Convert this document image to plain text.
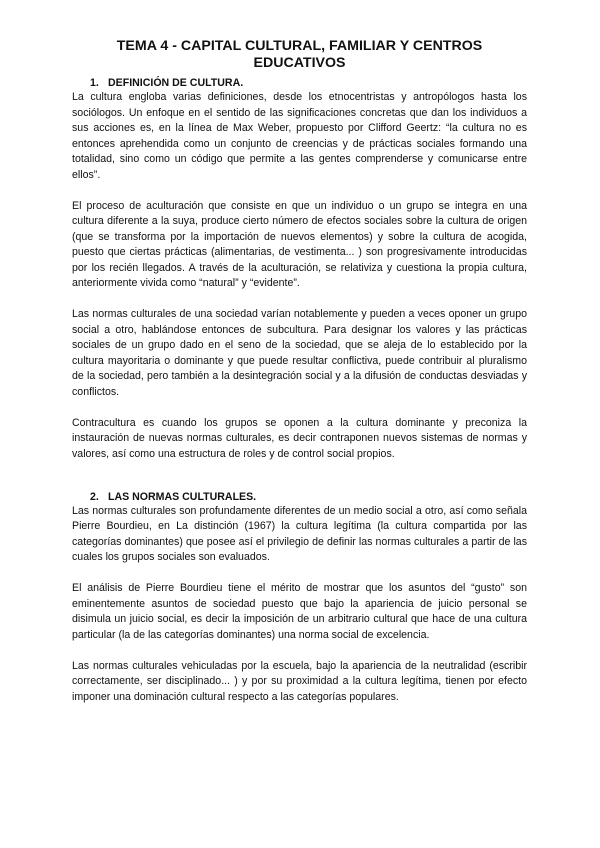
TEMA 4 - CAPITAL CULTURAL, FAMILIAR Y CENTROS EDUCATIVOS
1. DEFINICIÓN DE CULTURA.

La cultura engloba varias definiciones, desde los etnocentristas y antropólogos hasta los sociólogos. Un enfoque en el sentido de las significaciones concretas que dan los individuos a sus acciones es, en la línea de Max Weber, propuesto por Clifford Geertz: “la cultura no es entonces aprehendida como un conjunto de creencias y de prácticas sociales formando una totalidad, sino como un código que permite a las gentes comprenderse y comunicarse entre ellos”.

El proceso de aculturación que consiste en que un individuo o un grupo se integra en una cultura diferente a la suya, produce cierto número de efectos sociales sobre la cultura de origen (que se transforma por la importación de nuevos elementos) y sobre la cultura de acogida, puesto que ciertas prácticas (alimentarias, de vestimenta... ) son progresivamente introducidas por los recién llegados. A través de la aculturación, se relativiza y cuestiona la propia cultura, anteriormente vivida como “natural” y “evidente”.

Las normas culturales de una sociedad varían notablemente y pueden a veces oponer un grupo social a otro, hablándose entonces de subcultura. Para designar los valores y las prácticas sociales de un grupo dado en el seno de la sociedad, que se aleja de lo establecido por la cultura mayoritaria o dominante y que puede resultar conflictiva, puede contribuir al pluralismo de la sociedad, pero también a la desintegración social y a la difusión de conductas desviadas y conflictos.

Contracultura es cuando los grupos se oponen a la cultura dominante y preconiza la instauración de nuevas normas culturales, es decir contraponen nuevos sistemas de normas y valores, así como una estructura de roles y de control social propios.

2. LAS NORMAS CULTURALES.

Las normas culturales son profundamente diferentes de un medio social a otro, así como señala Pierre Bourdieu, en La distinción (1967) la cultura legítima (la cultura compartida por las categorías dominantes) que posee así el privilegio de definir las normas culturales a partir de las cuales los grupos sociales son evaluados.

El análisis de Pierre Bourdieu tiene el mérito de mostrar que los asuntos del “gusto” son eminentemente asuntos de sociedad puesto que bajo la apariencia de juicio personal se disimula un juicio social, es decir la imposición de un arbitrario cultural que hace de una cultura particular (la de las categorías dominantes) una norma social de excelencia.

Las normas culturales vehiculadas por la escuela, bajo la apariencia de la neutralidad (escribir correctamente, ser disciplinado... ) y por su proximidad a la cultura legítima, tienen por efecto imponer una dominación cultural respecto a las categorías populares.
